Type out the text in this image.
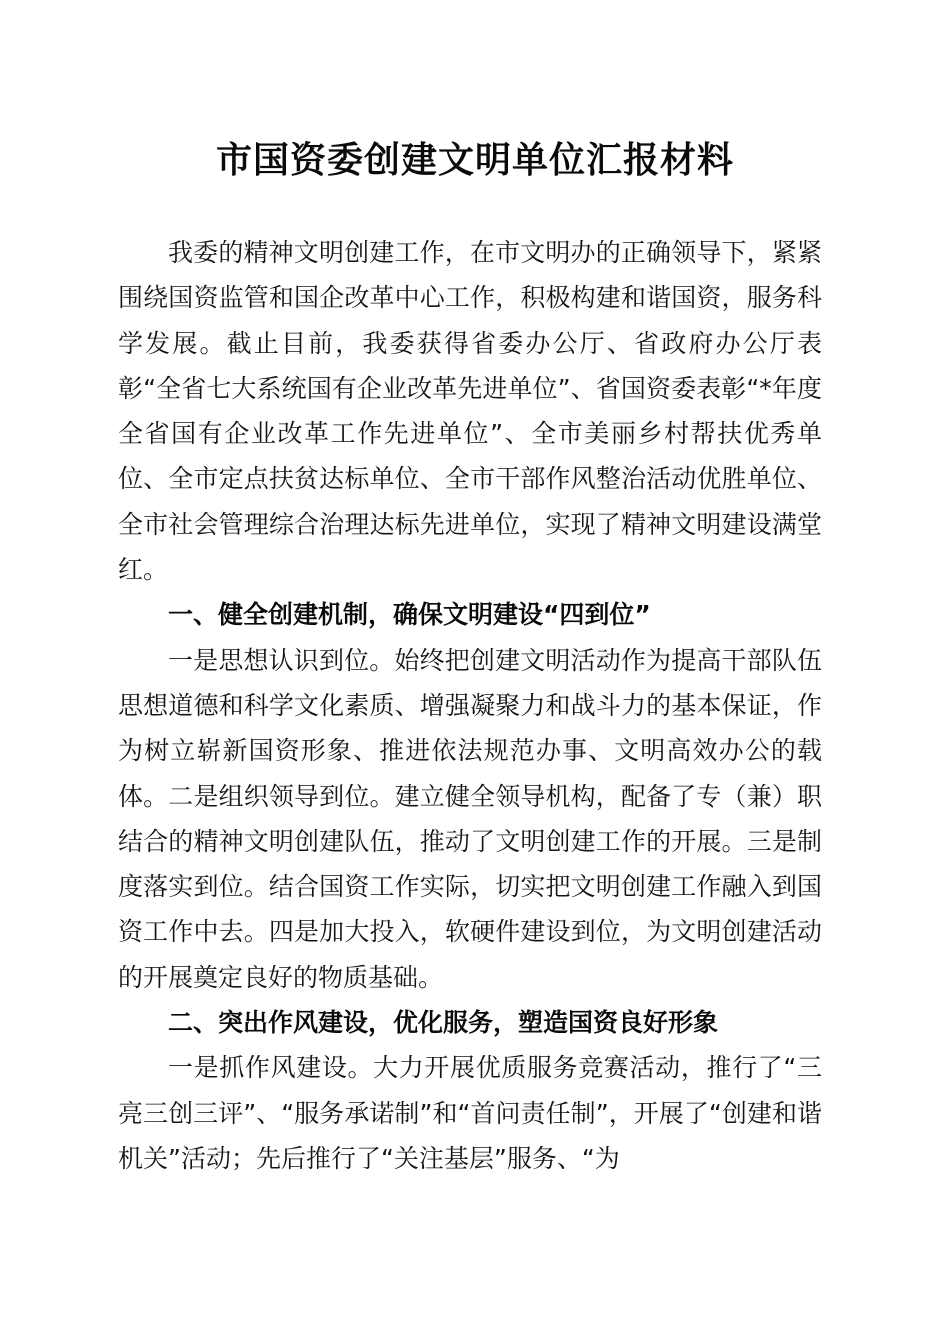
市国资委创建文明单位汇报材料

我委的精神文明创建工作，在市文明办的正确领导下，紧紧围绕国资监管和国企改革中心工作，积极构建和谐国资，服务科学发展。截止目前，我委获得省委办公厅、省政府办公厅表彰“全省七大系统国有企业改革先进单位”、省国资委表彰“*年度全省国有企业改革工作先进单位”、全市美丽乡村帮扶优秀单位、全市定点扶贫达标单位、全市干部作风整治活动优胜单位、全市社会管理综合治理达标先进单位，实现了精神文明建设满堂红。

一、健全创建机制，确保文明建设“四到位”

一是思想认识到位。始终把创建文明活动作为提高干部队伍思想道德和科学文化素质、增强凝聚力和战斗力的基本保证，作为树立崭新国资形象、推进依法规范办事、文明高效办公的载体。二是组织领导到位。建立健全领导机构，配备了专（兼）职结合的精神文明创建队伍，推动了文明创建工作的开展。三是制度落实到位。结合国资工作实际，切实把文明创建工作融入到国资工作中去。四是加大投入，软硬件建设到位，为文明创建活动的开展奠定良好的物质基础。

二、突出作风建设，优化服务，塑造国资良好形象

一是抓作风建设。大力开展优质服务竞赛活动，推行了“三亮三创三评”、“服务承诺制”和“首问责任制”，开展了“创建和谐机关”活动；先后推行了“关注基层”服务、“为
